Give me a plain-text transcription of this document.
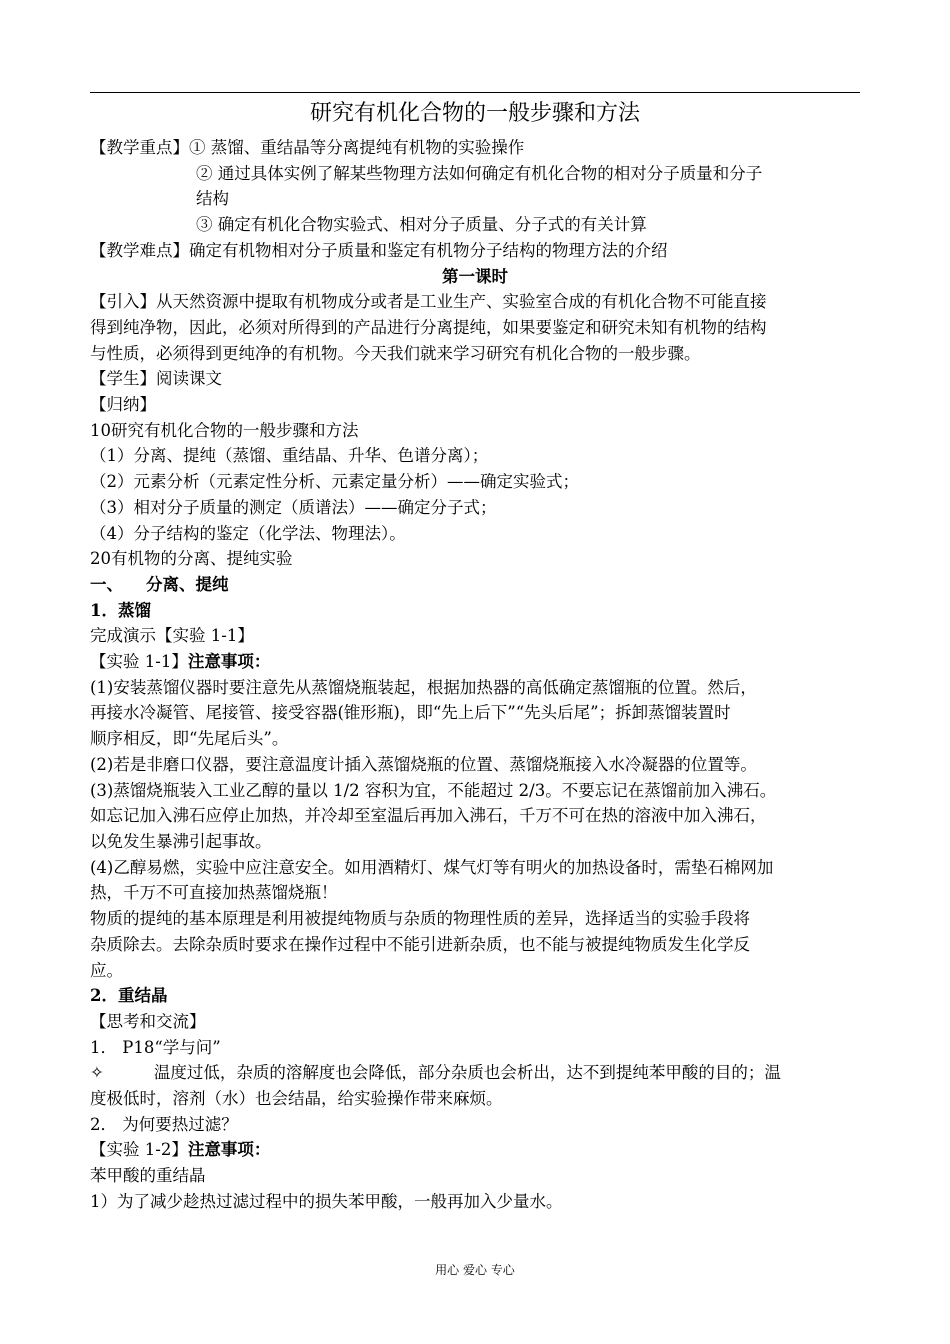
研究有机化合物的一般步骤和方法
【教学重点】① 蒸馏、重结晶等分离提纯有机物的实验操作
② 通过具体实例了解某些物理方法如何确定有机化合物的相对分子质量和分子
结构
③ 确定有机化合物实验式、相对分子质量、分子式的有关计算
【教学难点】确定有机物相对分子质量和鉴定有机物分子结构的物理方法的介绍
第一课时
【引入】从天然资源中提取有机物成分或者是工业生产、实验室合成的有机化合物不可能直接
得到纯净物，因此，必须对所得到的产品进行分离提纯，如果要鉴定和研究未知有机物的结构
与性质，必须得到更纯净的有机物。今天我们就来学习研究有机化合物的一般步骤。
【学生】阅读课文
【归纳】
10研究有机化合物的一般步骤和方法
（1）分离、提纯（蒸馏、重结晶、升华、色谱分离）；
（2）元素分析（元素定性分析、元素定量分析）——确定实验式；
（3）相对分子质量的测定（质谱法）——确定分子式；
（4）分子结构的鉴定（化学法、物理法）。
20有机物的分离、提纯实验
一、 分离、提纯
1．蒸馏
完成演示【实验 1-1】
【实验 1-1】注意事项：
(1)安装蒸馏仪器时要注意先从蒸馏烧瓶装起，根据加热器的高低确定蒸馏瓶的位置。然后，
再接水冷凝管、尾接管、接受容器(锥形瓶)，即“先上后下”“先头后尾”；拆卸蒸馏装置时
顺序相反，即“先尾后头”。
(2)若是非磨口仪器，要注意温度计插入蒸馏烧瓶的位置、蒸馏烧瓶接入水冷凝器的位置等。
(3)蒸馏烧瓶装入工业乙醇的量以 1/2 容积为宜，不能超过 2/3。不要忘记在蒸馏前加入沸石。
如忘记加入沸石应停止加热，并冷却至室温后再加入沸石，千万不可在热的溶液中加入沸石，
以免发生暴沸引起事故。
(4)乙醇易燃，实验中应注意安全。如用酒精灯、煤气灯等有明火的加热设备时，需垫石棉网加
热，千万不可直接加热蒸馏烧瓶！
物质的提纯的基本原理是利用被提纯物质与杂质的物理性质的差异，选择适当的实验手段将
杂质除去。去除杂质时要求在操作过程中不能引进新杂质，也不能与被提纯物质发生化学反
应。
2．重结晶
【思考和交流】
1． P18“学与问”
✧	温度过低，杂质的溶解度也会降低，部分杂质也会析出，达不到提纯苯甲酸的目的；温
度极低时，溶剂（水）也会结晶，给实验操作带来麻烦。
2． 为何要热过滤？
【实验 1-2】注意事项：
苯甲酸的重结晶
1）为了减少趁热过滤过程中的损失苯甲酸，一般再加入少量水。
用心 爱心 专心
